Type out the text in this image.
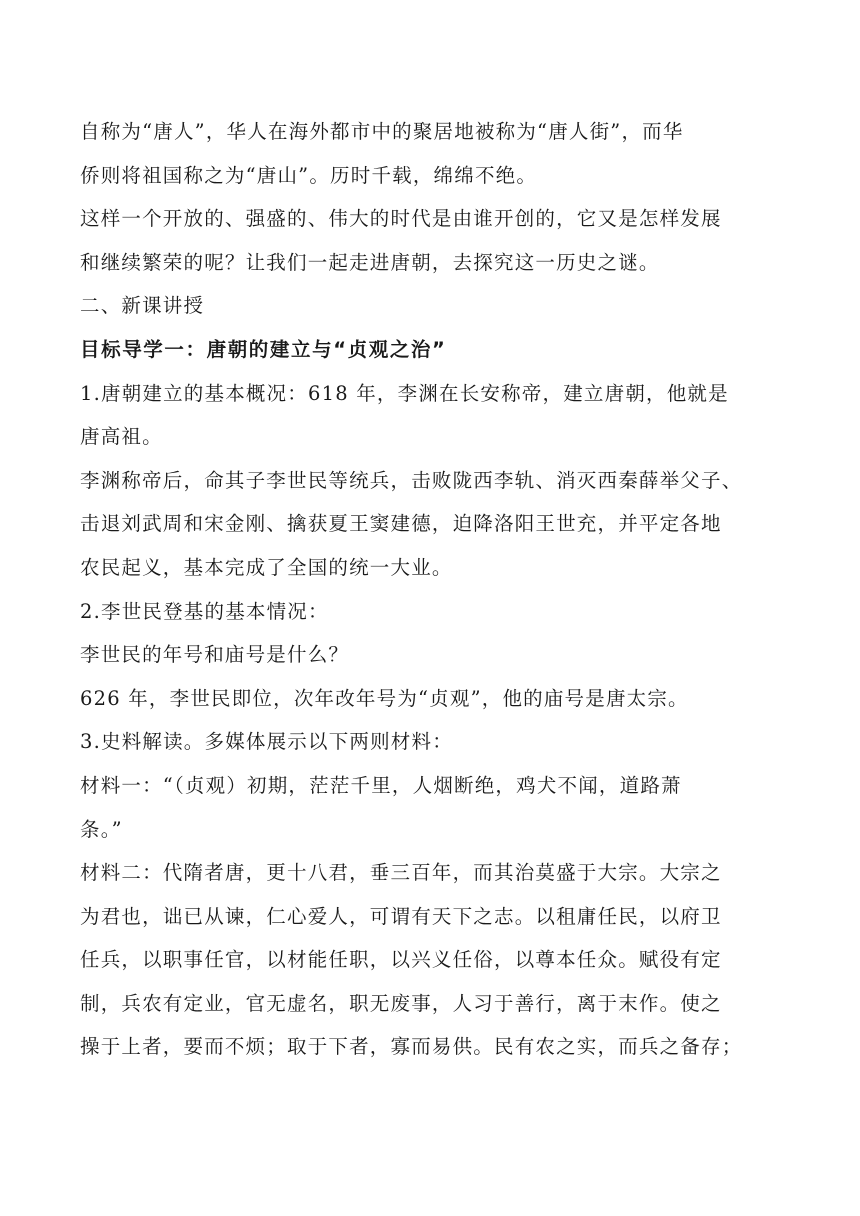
自称为“唐人”，华人在海外都市中的聚居地被称为“唐人街”，而华
侨则将祖国称之为“唐山”。历时千载，绵绵不绝。
这样一个开放的、强盛的、伟大的时代是由谁开创的，它又是怎样发展
和继续繁荣的呢？让我们一起走进唐朝，去探究这一历史之谜。
二、新课讲授
目标导学一：唐朝的建立与“贞观之治”
1.唐朝建立的基本概况：618 年，李渊在长安称帝，建立唐朝，他就是
唐高祖。
李渊称帝后，命其子李世民等统兵，击败陇西李轨、消灭西秦薛举父子、
击退刘武周和宋金刚、擒获夏王窦建德，迫降洛阳王世充，并平定各地
农民起义，基本完成了全国的统一大业。
2.李世民登基的基本情况：
李世民的年号和庙号是什么？
626 年，李世民即位，次年改年号为“贞观”，他的庙号是唐太宗。
3.史料解读。多媒体展示以下两则材料：
材料一：“（贞观）初期，茫茫千里，人烟断绝，鸡犬不闻，道路萧
条。”
材料二：代隋者唐，更十八君，垂三百年，而其治莫盛于大宗。大宗之
为君也，诎已从谏，仁心爱人，可谓有天下之志。以租庸任民，以府卫
任兵，以职事任官，以材能任职，以兴义任俗，以尊本任众。赋役有定
制，兵农有定业，官无虚名，职无废事，人习于善行，离于末作。使之
操于上者，要而不烦；取于下者，寡而易供。民有农之实，而兵之备存；
